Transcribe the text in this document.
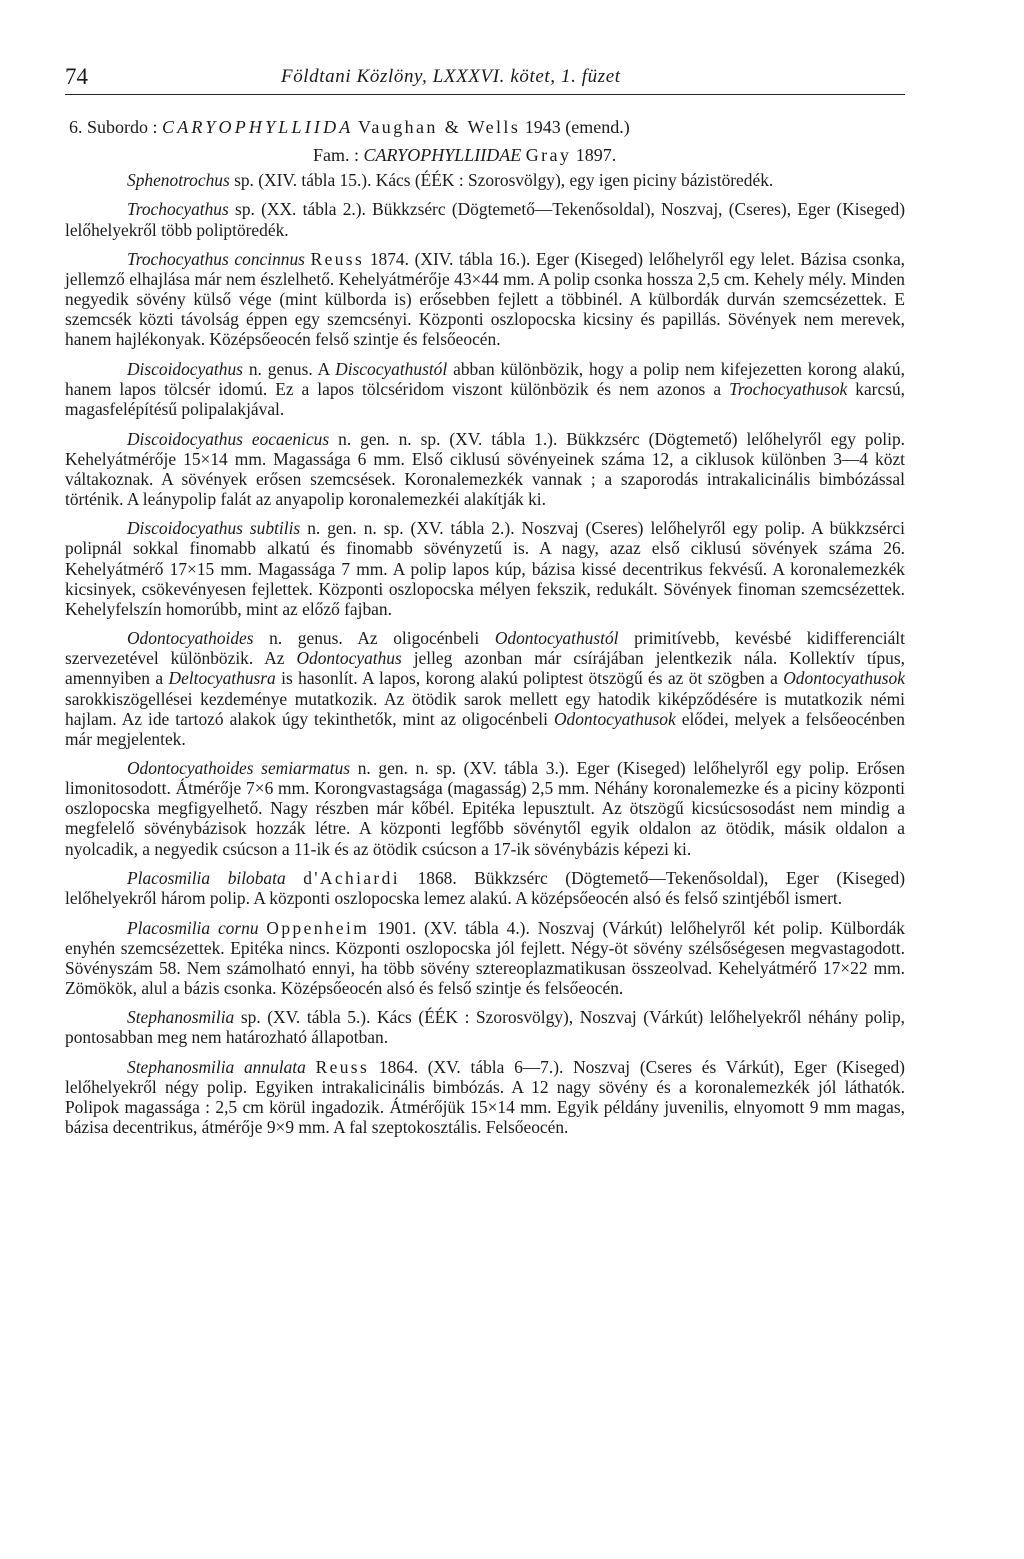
74	Földtani Közlöny, LXXXVI. kötet, 1. füzet
6. Subordo : CARYOPHYLLIIDA Vaughan & Wells 1943 (emend.)
Fam. : CARYOPHYLLIIDAE Gray 1897.

Sphenotrochus sp. (XIV. tábla 15.). Kács (ÉÉK : Szorosvölgy), egy igen piciny bázistöredék.

Trochocyathus sp. (XX. tábla 2.). Bükkzsérc (Dögtemető—Tekenősoldal), Noszvaj, (Cseres), Eger (Kiseged) lelőhelyekről több poliptöredék.

Trochocyathus concinnus Reuss 1874. (XIV. tábla 16.). Eger (Kiseged) lelőhelyről egy lelet. Bázisa csonka, jellemző elhajlása már nem észlelhető. Kehelyátmérője 43×44 mm. A polip csonka hossza 2,5 cm. Kehely mély. Minden negyedik sövény külső vége (mint külborda is) erősebben fejlett a többinél. A külbordák durván szemcsézettek. E szemcsék közti távolság éppen egy szemcsényi. Központi oszlopocska kicsiny és papillás. Sövények nem merevek, hanem hajlékonyak. Középsőeocén felső szintje és felsőeocén.

Discoidocyathus n. genus. A Discocyathustól abban különbözik, hogy a polip nem kifejezetten korong alakú, hanem lapos tölcsér idomú. Ez a lapos tölcséridom viszont különbözik és nem azonos a Trochocyathusok karcsú, magasfelépítésű polipalakjával.

Discoidocyathus eocaenicus n. gen. n. sp. (XV. tábla 1.). Bükkzsérc (Dögtemető) lelőhelyről egy polip. Kehelyátmérője 15×14 mm. Magassága 6 mm. Első ciklusú sövényeinek száma 12, a ciklusok különben 3—4 közt váltakoznak. A sövények erősen szemcsések. Koronalemezkék vannak ; a szaporodás intrakalicinális bimbózással történik. A leánypolip falát az anyapolip koronalemezkéi alakítják ki.

Discoidocyathus subtilis n. gen. n. sp. (XV. tábla 2.). Noszvaj (Cseres) lelőhelyről egy polip. A bükkzsérci polipnál sokkal finomabb alkatú és finomabb sövényzetű is. A nagy, azaz első ciklusú sövények száma 26. Kehelyátmérő 17×15 mm. Magassága 7 mm. A polip lapos kúp, bázisa kissé decentrikus fekvésű. A koronalemezkék kicsinyek, csökevényesen fejlettek. Központi oszlopocska mélyen fekszik, redukált. Sövények finoman szemcsézettek. Kehelyfelszín homorúbb, mint az előző fajban.

Odontocyathoides n. genus. Az oligocénbeli Odontocyathustól primitívebb, kevésbé kidifferenciált szervezetével különbözik. Az Odontocyathus jelleg azonban már csírájában jelentkezik nála. Kollektív típus, amennyiben a Deltocyathusra is hasonlít. A lapos, korong alakú poliptest ötszögű és az öt szögben a Odontocyathusok sarokkiszögellései kezdeménye mutatkozik. Az ötödik sarok mellett egy hatodik kiképződésére is mutatkozik némi hajlam. Az ide tartozó alakok úgy tekinthetők, mint az oligocénbeli Odontocyathusok elődei, melyek a felsőeocénben már megjelentek.

Odontocyathoides semiarmatus n. gen. n. sp. (XV. tábla 3.). Eger (Kiseged) lelőhelyről egy polip. Erősen limonitosodott. Átmérője 7×6 mm. Korongvastagsága (magasság) 2,5 mm. Néhány koronalemezke és a piciny központi oszlopocska megfigyelhető. Nagy részben már kőbél. Epitéka lepusztult. Az ötszögű kicsúcsosodást nem mindig a megfelelő sövénybázisok hozzák létre. A központi legfőbb sövénytől egyik oldalon az ötödik, másik oldalon a nyolcadik, a negyedik csúcson a 11-ik és az ötödik csúcson a 17-ik sövénybázis képezi ki.

Placosmilia bilobata d'Achiardi 1868. Bükkzsérc (Dögtemető—Tekenősoldal), Eger (Kiseged) lelőhelyekről három polip. A központi oszlopocska lemez alakú. A középsőeocén alsó és felső szintjéből ismert.

Placosmilia cornu Oppenheim 1901. (XV. tábla 4.). Noszvaj (Várkút) lelőhelyről két polip. Külbordák enyhén szemcsézettek. Epitéka nincs. Központi oszlopocska jól fejlett. Négy-öt sövény szélsőségesen megvastagodott. Sövényszám 58. Nem számolható ennyi, ha több sövény sztereoplazmatikusan összeolvad. Kehelyátmérő 17×22 mm. Zömökök, alul a bázis csonka. Középsőeocén alsó és felső szintje és felsőeocén.

Stephanosmilia sp. (XV. tábla 5.). Kács (ÉÉK : Szorosvölgy), Noszvaj (Várkút) lelőhelyekről néhány polip, pontosabban meg nem határozható állapotban.

Stephanosmilia annulata Reuss 1864. (XV. tábla 6—7.). Noszvaj (Cseres és Várkút), Eger (Kiseged) lelőhelyekről négy polip. Egyiken intrakalicinális bimbózás. A 12 nagy sövény és a koronalemezkék jól láthatók. Polipok magassága : 2,5 cm körül ingadozik. Átmérőjük 15×14 mm. Egyik példány juvenilis, elnyomott 9 mm magas, bázisa decentrikus, átmérője 9×9 mm. A fal szeptokosztális. Felsőeocén.
